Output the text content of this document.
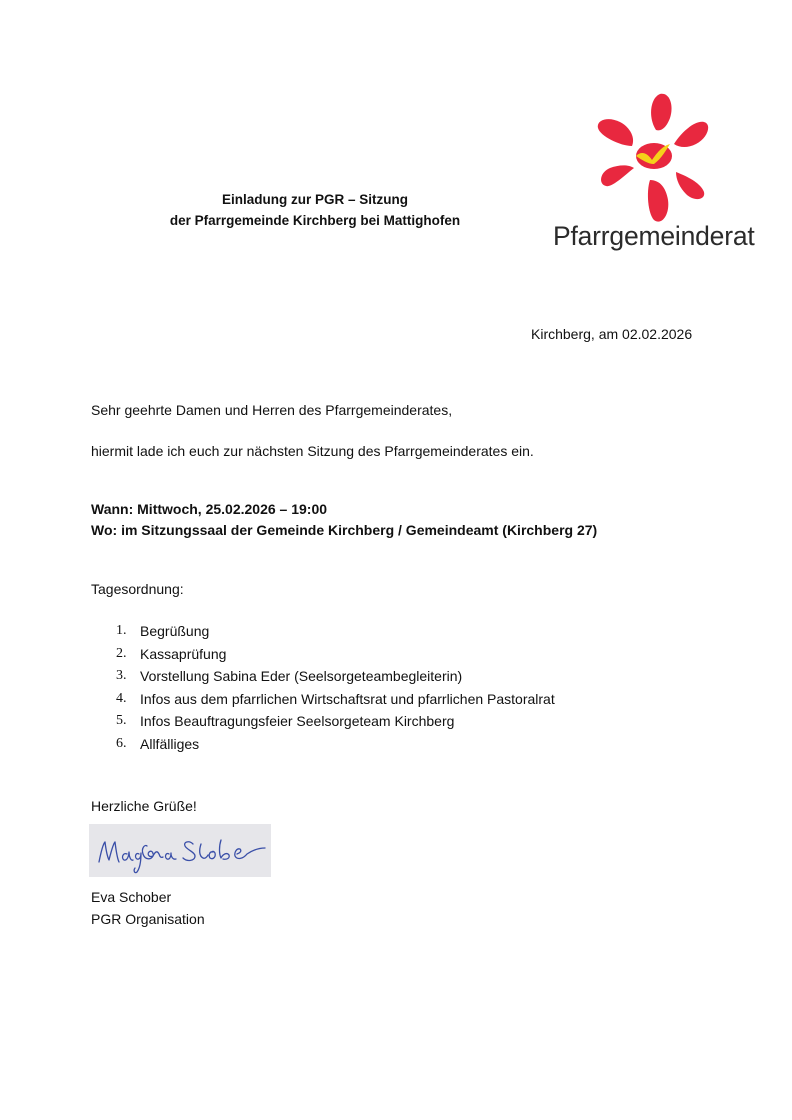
Einladung zur PGR – Sitzung
der Pfarrgemeinde Kirchberg bei Mattighofen
Pfarrgemeinderat
Kirchberg, am 02.02.2026
Sehr geehrte Damen und Herren des Pfarrgemeinderates,
hiermit lade ich euch zur nächsten Sitzung des Pfarrgemeinderates ein.
Wann: Mittwoch, 25.02.2026 – 19:00
Wo: im Sitzungssaal der Gemeinde Kirchberg / Gemeindeamt (Kirchberg 27)
Tagesordnung:
1. Begrüßung
2. Kassaprüfung
3. Vorstellung Sabina Eder (Seelsorgeteambegleiterin)
4. Infos aus dem pfarrlichen Wirtschaftsrat und pfarrlichen Pastoralrat
5. Infos Beauftragungsfeier Seelsorgeteam Kirchberg
6. Allfälliges
Herzliche Grüße!
Eva Schober
PGR Organisation
